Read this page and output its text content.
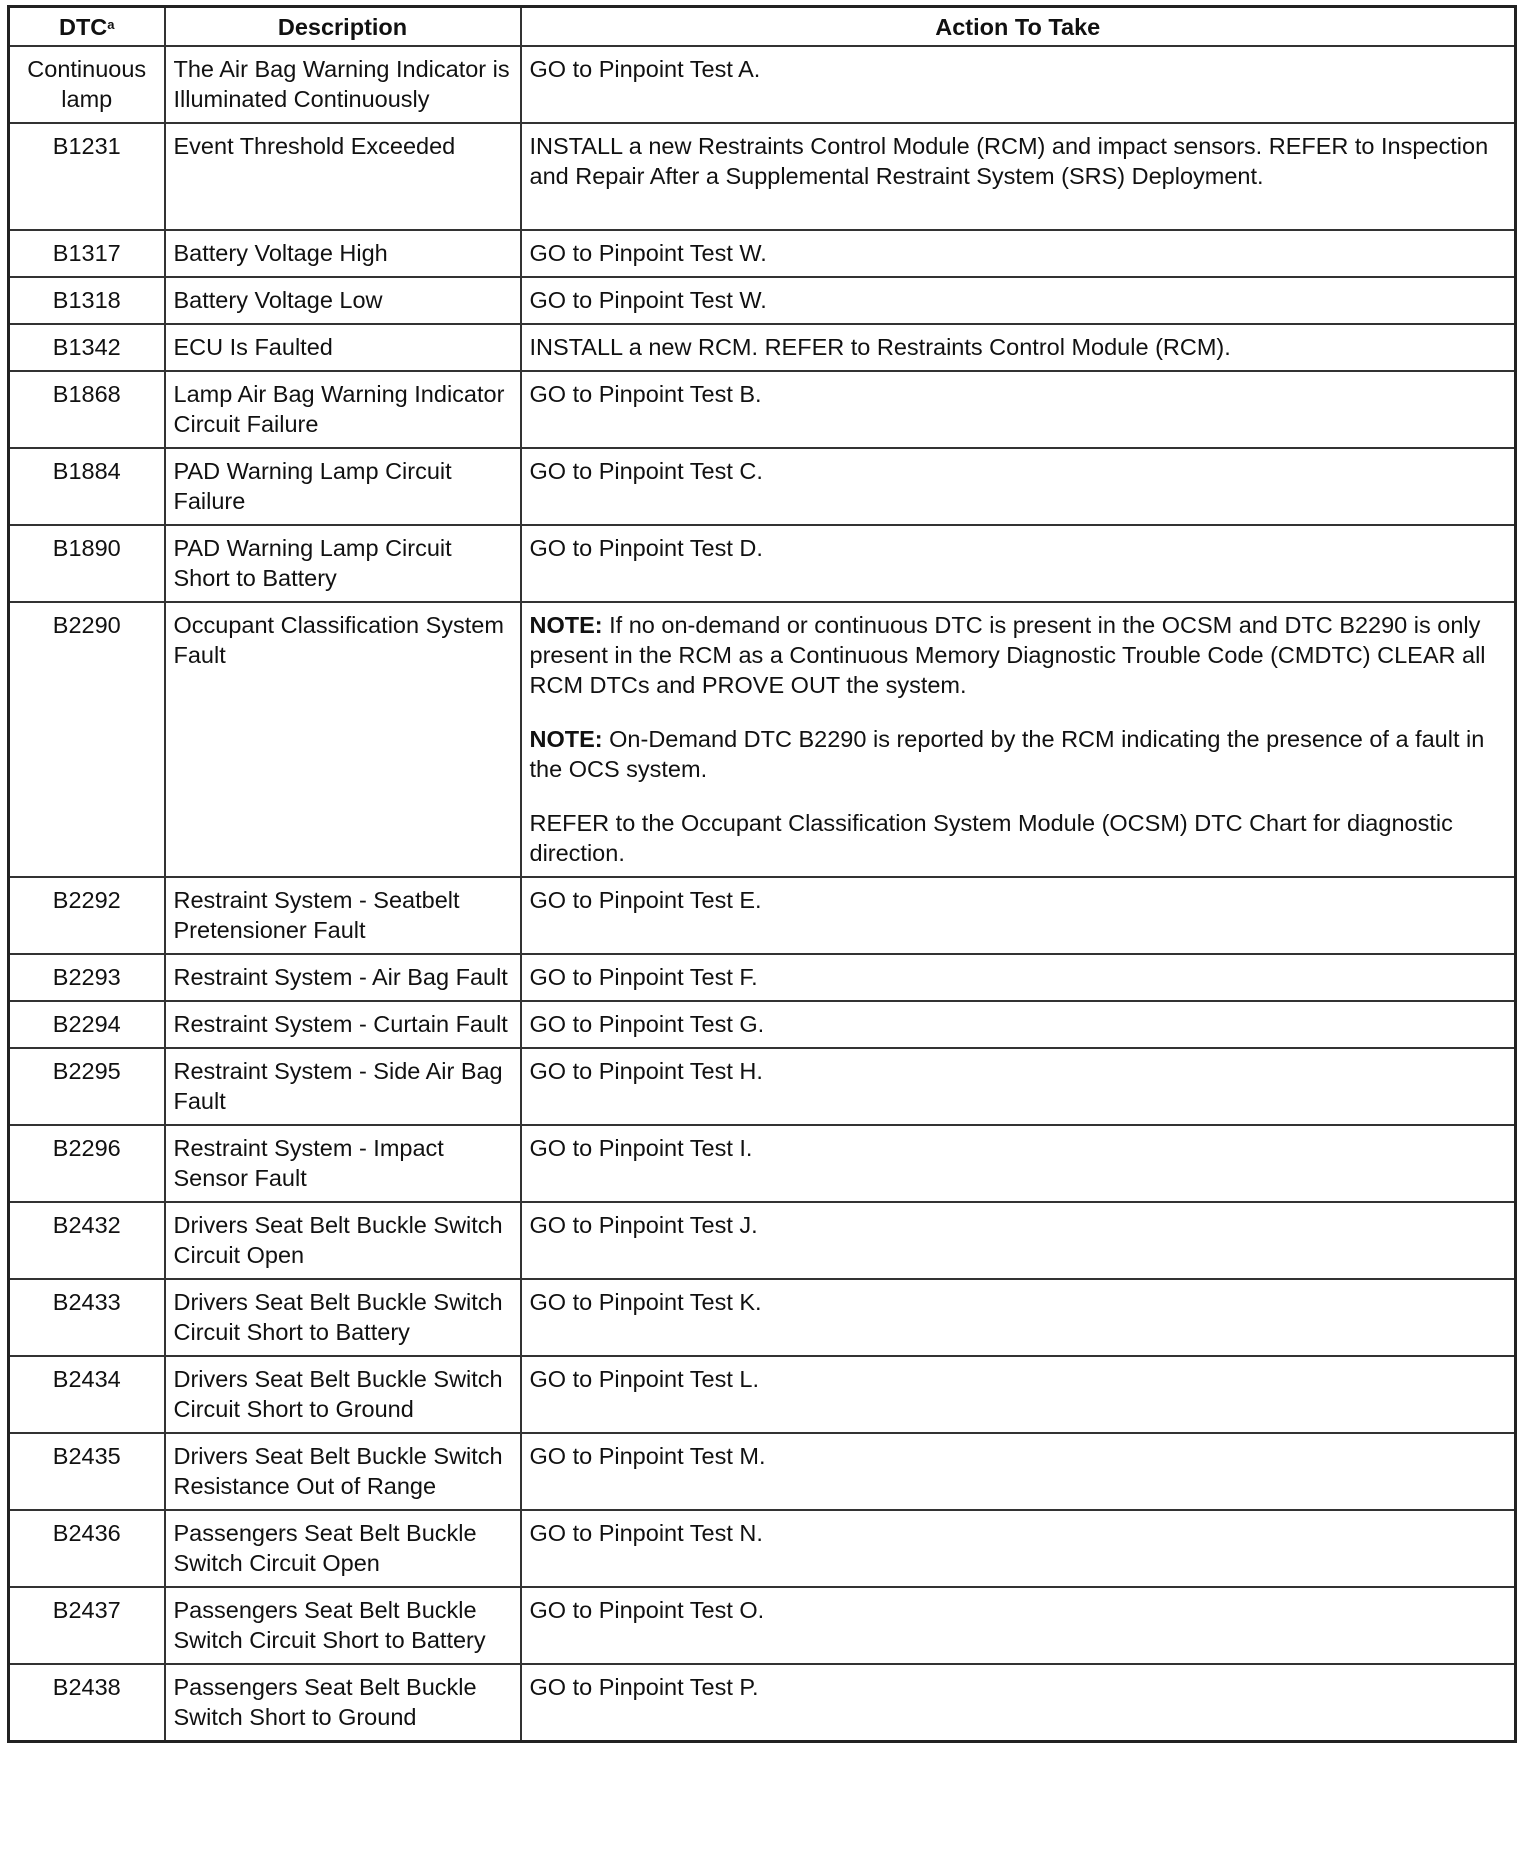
DTC$^a$	Description	Action To Take
Continuous lamp	The Air Bag Warning Indicator is Illuminated Continuously	GO to Pinpoint Test A.
B1231	Event Threshold Exceeded	INSTALL a new Restraints Control Module (RCM) and impact sensors. REFER to Inspection and Repair After a Supplemental Restraint System (SRS) Deployment.
B1317	Battery Voltage High	GO to Pinpoint Test W.
B1318	Battery Voltage Low	GO to Pinpoint Test W.
B1342	ECU Is Faulted	INSTALL a new RCM. REFER to Restraints Control Module (RCM).
B1868	Lamp Air Bag Warning Indicator Circuit Failure	GO to Pinpoint Test B.
B1884	PAD Warning Lamp Circuit Failure	GO to Pinpoint Test C.
B1890	PAD Warning Lamp Circuit Short to Battery	GO to Pinpoint Test D.
B2290	Occupant Classification System Fault	NOTE: If no on-demand or continuous DTC is present in the OCSM and DTC B2290 is only present in the RCM as a Continuous Memory Diagnostic Trouble Code (CMDTC) CLEAR all RCM DTCs and PROVE OUT the system.

NOTE: On-Demand DTC B2290 is reported by the RCM indicating the presence of a fault in the OCS system.

REFER to the Occupant Classification System Module (OCSM) DTC Chart for diagnostic direction.

B2292	Restraint System - Seatbelt Pretensioner Fault	GO to Pinpoint Test E.
B2293	Restraint System - Air Bag Fault	GO to Pinpoint Test F.
B2294	Restraint System - Curtain Fault	GO to Pinpoint Test G.
B2295	Restraint System - Side Air Bag Fault	GO to Pinpoint Test H.
B2296	Restraint System - Impact Sensor Fault	GO to Pinpoint Test I.
B2432	Drivers Seat Belt Buckle Switch Circuit Open	GO to Pinpoint Test J.
B2433	Drivers Seat Belt Buckle Switch Circuit Short to Battery	GO to Pinpoint Test K.
B2434	Drivers Seat Belt Buckle Switch Circuit Short to Ground	GO to Pinpoint Test L.
B2435	Drivers Seat Belt Buckle Switch Resistance Out of Range	GO to Pinpoint Test M.
B2436	Passengers Seat Belt Buckle Switch Circuit Open	GO to Pinpoint Test N.
B2437	Passengers Seat Belt Buckle Switch Circuit Short to Battery	GO to Pinpoint Test O.
B2438	Passengers Seat Belt Buckle Switch Short to Ground	GO to Pinpoint Test P.
